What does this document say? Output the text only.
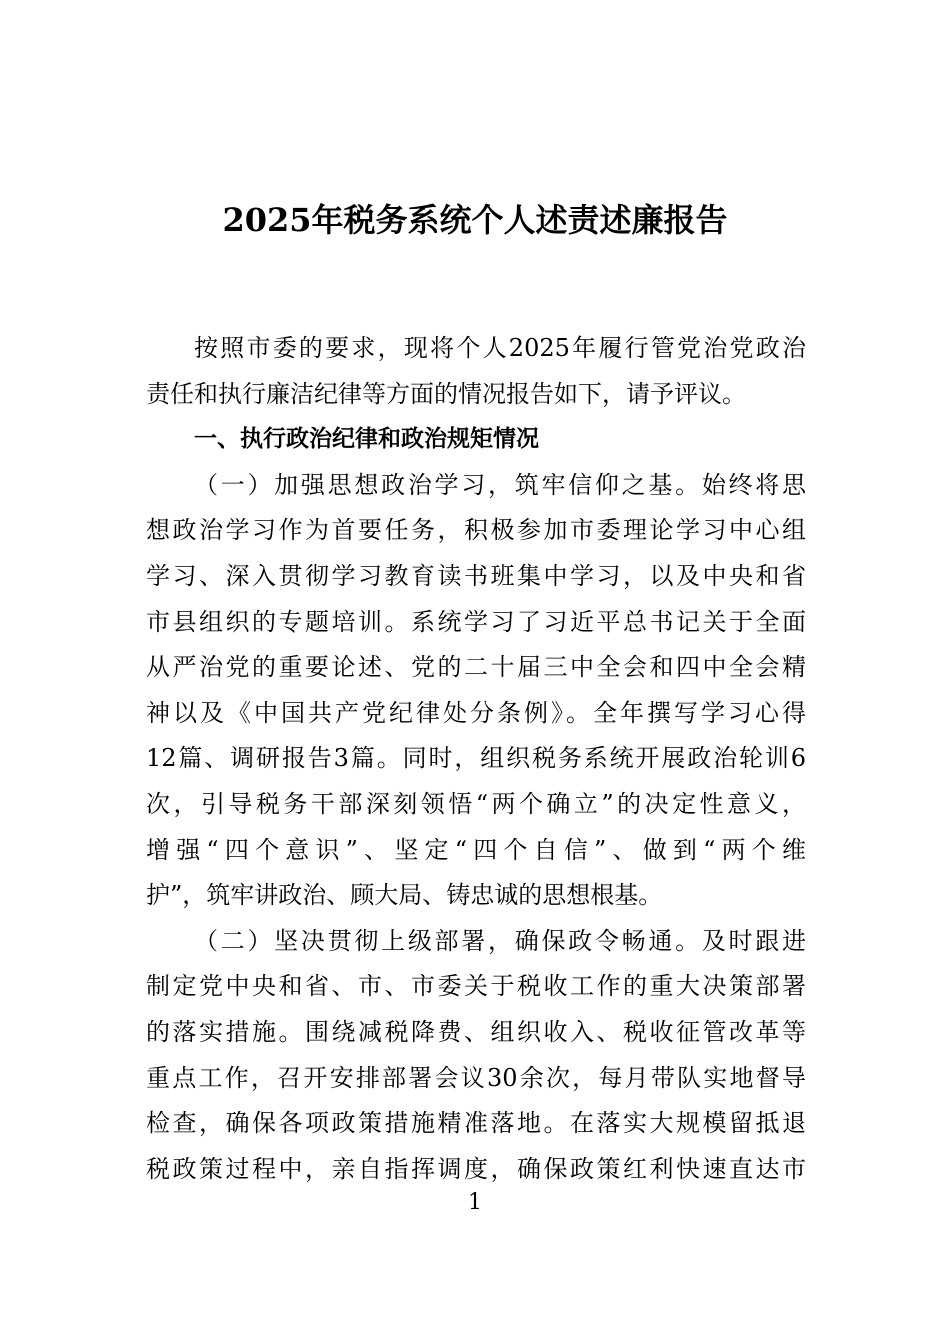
2025年税务系统个人述责述廉报告
按照市委的要求，现将个人2025年履行管党治党政治
责任和执行廉洁纪律等方面的情况报告如下，请予评议。
一、执行政治纪律和政治规矩情况
（一）加强思想政治学习，筑牢信仰之基。始终将思
想政治学习作为首要任务，积极参加市委理论学习中心组
学习、深入贯彻学习教育读书班集中学习，以及中央和省
市县组织的专题培训。系统学习了习近平总书记关于全面
从严治党的重要论述、党的二十届三中全会和四中全会精
神以及《中国共产党纪律处分条例》。全年撰写学习心得
12篇、调研报告3篇。同时，组织税务系统开展政治轮训6
次，引导税务干部深刻领悟“两个确立”的决定性意义，
增强“四个意识”、坚定“四个自信”、做到“两个维
护”，筑牢讲政治、顾大局、铸忠诚的思想根基。
（二）坚决贯彻上级部署，确保政令畅通。及时跟进
制定党中央和省、市、市委关于税收工作的重大决策部署
的落实措施。围绕减税降费、组织收入、税收征管改革等
重点工作，召开安排部署会议30余次，每月带队实地督导
检查，确保各项政策措施精准落地。在落实大规模留抵退
税政策过程中，亲自指挥调度，确保政策红利快速直达市
1
